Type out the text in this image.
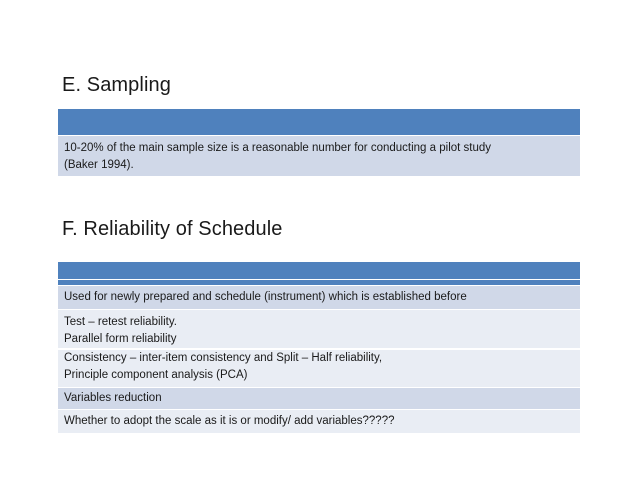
E. Sampling
10-20% of the main sample size is a reasonable number for conducting a pilot study
(Baker 1994).
F. Reliability of Schedule
Used for newly prepared and schedule (instrument) which is established before
Test – retest reliability.
Parallel form reliability
Consistency – inter-item consistency and Split – Half reliability,
Principle component analysis (PCA)
Variables reduction
Whether to adopt the scale as it is or modify/ add variables?????
